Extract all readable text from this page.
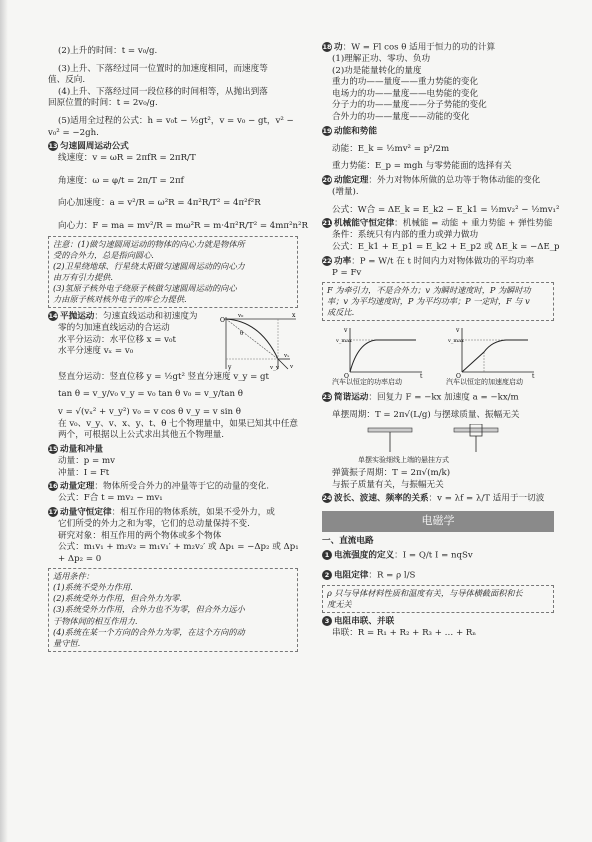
(2)上升的时间：t = v₀/g.

(3)上升、下落经过同一位置时的加速度相同，而速度等

值、反向.

(4)上升、下落经过同一段位移的时间相等，从抛出到落

回原位置的时间：t = 2v₀/g.

(5)适用全过程的公式：h = v₀t − ½gt²，v = v₀ − gt，v² −

v₀² = −2gh.

13 匀速圆周运动公式

线速度：v = ωR = 2πfR = 2πR/T

角速度：ω = φ/t = 2π/T = 2πf

向心加速度：a = v²/R = ω²R = 4π²R/T² = 4π²f²R

向心力：F = ma = mv²/R = mω²R = m·4π²R/T² = 4mπ²n²R

注意：(1)做匀速圆周运动的物体的向心力就是物体所

受的合外力，总是指向圆心.

(2)卫星绕地球、行星绕太阳做匀速圆周运动的向心力

由万有引力提供.

(3)氢原子核外电子绕原子核做匀速圆周运动的向心

力由原子核对核外电子的库仑力提供.

14 平抛运动：匀速直线运动和初速度为

零的匀加速直线运动的合运动

水平分运动：水平位移 x = v₀t

水平分速度 vₓ = v₀

竖直分运动：竖直位移 y = ½gt² 竖直分速度 v_y = gt

O
x
y
v₀
vₓ
v_y v
θ

tan θ = v_y/v₀ v_y = v₀ tan θ v₀ = v_y/tan θ

v = √(vₓ² + v_y²) v₀ = v cos θ v_y = v sin θ

在 v₀、v_y、v、x、y、t、θ 七个物理量中，如果已知其中任意

两个，可根据以上公式求出其他五个物理量.

15 动量和冲量

动量：p = mv

冲量：I = Ft

16 动量定理：物体所受合外力的冲量等于它的动量的变化.

公式：F合 t = mv₂ − mv₁

17 动量守恒定律：相互作用的物体系统，如果不受外力，或

它们所受的外力之和为零，它们的总动量保持不变.

研究对象：相互作用的两个物体或多个物体

公式：m₁v₁ + m₂v₂ = m₁v₁′ + m₂v₂′ 或 Δp₁ = −Δp₂ 或 Δp₁

+ Δp₂ = 0

适用条件：

(1)系统不受外力作用.

(2)系统受外力作用，但合外力为零.

(3)系统受外力作用，合外力也不为零，但合外力远小

于物体间的相互作用力.

(4)系统在某一个方向的合外力为零，在这个方向的动

量守恒.

18 功：W = Fl cos θ 适用于恒力的功的计算

(1)理解正功、零功、负功

(2)功是能量转化的量度

重力的功——量度——重力势能的变化

电场力的功——量度——电势能的变化

分子力的功——量度——分子势能的变化

合外力的功——量度——动能的变化

19 动能和势能

动能：E_k = ½mv² = p²/2m

重力势能：E_p = mgh 与零势能面的选择有关

20 动能定理：外力对物体所做的总功等于物体动能的变化

(增量).

公式：W合 = ΔE_k = E_k2 − E_k1 = ½mv₂² − ½mv₁²

21 机械能守恒定律：机械能 = 动能 + 重力势能 + 弹性势能

条件：系统只有内部的重力或弹力做功

公式：E_k1 + E_p1 = E_k2 + E_p2 或 ΔE_k = −ΔE_p

22 功率：P = W/t 在 t 时间内力对物体做功的平均功率

P = Fv

F 为牵引力，不是合外力；v 为瞬时速度时，P 为瞬时功

率；v 为平均速度时，P 为平均功率；P 一定时，F 与 v

成反比.

v
v_max
O	t
v
v_max
O	t
汽车以恒定的功率启动	汽车以恒定的加速度启动

23 简谐运动：回复力 F = −kx 加速度 a = −kx/m

单摆周期：T = 2π√(L/g) 与摆球质量、振幅无关

单摆实验细线上端的悬挂方式

弹簧振子周期：T = 2π√(m/k)

与振子质量有关，与振幅无关

24 波长、波速、频率的关系：v = λf = λ/T 适用于一切波

电磁学

一、直流电路

1 电流强度的定义：I = Q/t I = nqSv

2 电阻定律：R = ρ l/S

ρ 只与导体材料性质和温度有关，与导体横截面积和长

度无关

3 电阻串联、并联

串联：R = R₁ + R₂ + R₃ + … + Rₙ
